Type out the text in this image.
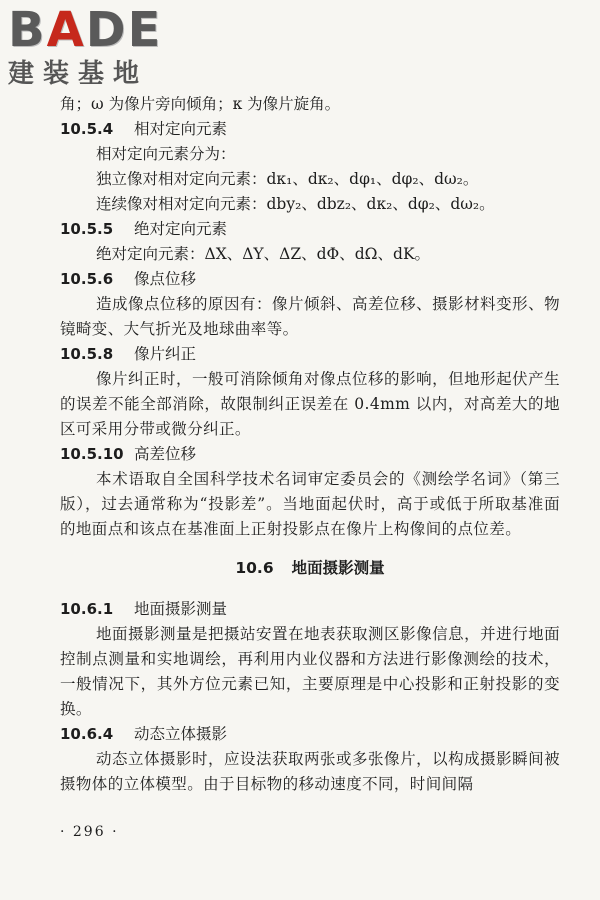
BADE
建装基地
角；ω 为像片旁向倾角；κ 为像片旋角。
10.5.4 相对定向元素
相对定向元素分为：
独立像对相对定向元素：dκ₁、dκ₂、dφ₁、dφ₂、dω₂。
连续像对相对定向元素：dby₂、dbz₂、dκ₂、dφ₂、dω₂。
10.5.5 绝对定向元素
绝对定向元素：ΔX、ΔY、ΔZ、dΦ、dΩ、dK。
10.5.6 像点位移
造成像点位移的原因有：像片倾斜、高差位移、摄影材料变形、物镜畸变、大气折光及地球曲率等。
10.5.8 像片纠正
像片纠正时，一般可消除倾角对像点位移的影响，但地形起伏产生的误差不能全部消除，故限制纠正误差在 0.4mm 以内，对高差大的地区可采用分带或微分纠正。
10.5.10 高差位移
本术语取自全国科学技术名词审定委员会的《测绘学名词》（第三版），过去通常称为“投影差”。当地面起伏时，高于或低于所取基准面的地面点和该点在基准面上正射投影点在像片上构像间的点位差。
10.6 地面摄影测量
10.6.1 地面摄影测量
地面摄影测量是把摄站安置在地表获取测区影像信息，并进行地面控制点测量和实地调绘，再利用内业仪器和方法进行影像测绘的技术，一般情况下，其外方位元素已知，主要原理是中心投影和正射投影的变换。
10.6.4 动态立体摄影
动态立体摄影时，应设法获取两张或多张像片，以构成摄影瞬间被摄物体的立体模型。由于目标物的移动速度不同，时间间隔
· 296 ·
